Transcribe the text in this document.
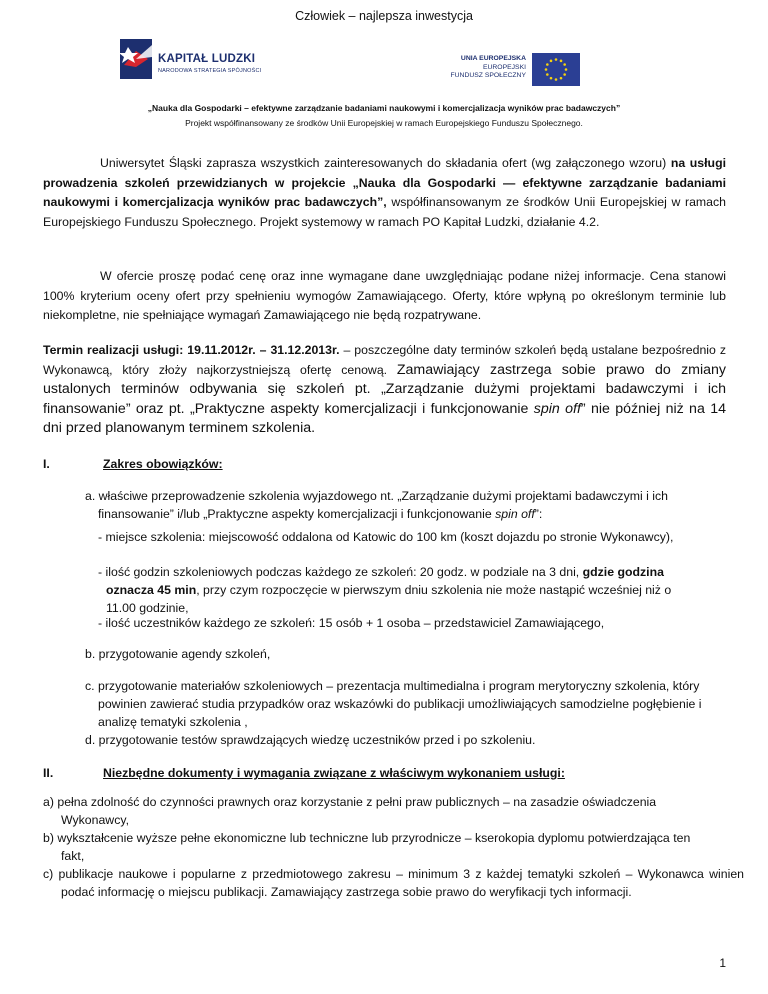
Człowiek – najlepsza inwestycja
KAPITAŁ LUDZKI
NARODOWA STRATEGIA SPÓJNOŚCI
UNIA EUROPEJSKA
EUROPEJSKI
FUNDUSZ SPOŁECZNY
„Nauka dla Gospodarki – efektywne zarządzanie badaniami naukowymi i komercjalizacja wyników prac badawczych”
Projekt współfinansowany ze środków Unii Europejskiej w ramach Europejskiego Funduszu Społecznego.
Uniwersytet Śląski zaprasza wszystkich zainteresowanych do składania ofert (wg załączonego wzoru) na usługi prowadzenia szkoleń przewidzianych w projekcie „Nauka dla Gospodarki — efektywne zarządzanie badaniami naukowymi i komercjalizacja wyników prac badawczych”, współfinansowanym ze środków Unii Europejskiej w ramach Europejskiego Funduszu Społecznego. Projekt systemowy w ramach PO Kapitał Ludzki, działanie 4.2.
W ofercie proszę podać cenę oraz inne wymagane dane uwzględniając podane niżej informacje. Cena stanowi 100% kryterium oceny ofert przy spełnieniu wymogów Zamawiającego. Oferty, które wpłyną po określonym terminie lub niekompletne, nie spełniające wymagań Zamawiającego nie będą rozpatrywane.
Termin realizacji usługi: 19.11.2012r. – 31.12.2013r. – poszczególne daty terminów szkoleń będą ustalane bezpośrednio z Wykonawcą, który złoży najkorzystniejszą ofertę cenową. Zamawiający zastrzega sobie prawo do zmiany ustalonych terminów odbywania się szkoleń pt. „Zarządzanie dużymi projektami badawczymi i ich finansowanie” oraz pt. „Praktyczne aspekty komercjalizacji i funkcjonowanie spin off” nie później niż na 14 dni przed planowanym terminem szkolenia.
I.	Zakres obowiązków:
a. właściwe przeprowadzenie szkolenia wyjazdowego nt. „Zarządzanie dużymi projektami badawczymi i ich finansowanie” i/lub „Praktyczne aspekty komercjalizacji i funkcjonowanie spin off”:
- miejsce szkolenia: miejscowość oddalona od Katowic do 100 km (koszt dojazdu po stronie Wykonawcy),
- ilość godzin szkoleniowych podczas każdego ze szkoleń: 20 godz. w podziale na 3 dni, gdzie godzina oznacza 45 min, przy czym rozpoczęcie w pierwszym dniu szkolenia nie może nastąpić wcześniej niż o 11.00 godzinie,
- ilość uczestników każdego ze szkoleń: 15 osób + 1 osoba – przedstawiciel Zamawiającego,
b. przygotowanie agendy szkoleń,
c. przygotowanie materiałów szkoleniowych – prezentacja multimedialna i program merytoryczny szkolenia, który powinien zawierać studia przypadków oraz wskazówki do publikacji umożliwiających samodzielne pogłębienie i analizę tematyki szkolenia ,
d. przygotowanie testów sprawdzających wiedzę uczestników przed i po szkoleniu.
II.	Niezbędne dokumenty i wymagania związane z właściwym wykonaniem usługi:
a) pełna zdolność do czynności prawnych oraz korzystanie z pełni praw publicznych – na zasadzie oświadczenia Wykonawcy,
b) wykształcenie wyższe pełne ekonomiczne lub techniczne lub przyrodnicze – kserokopia dyplomu potwierdzająca ten fakt,
c) publikacje naukowe i popularne z przedmiotowego zakresu – minimum 3 z każdej tematyki szkoleń – Wykonawca winien podać informację o miejscu publikacji. Zamawiający zastrzega sobie prawo do weryfikacji tych informacji.
1
